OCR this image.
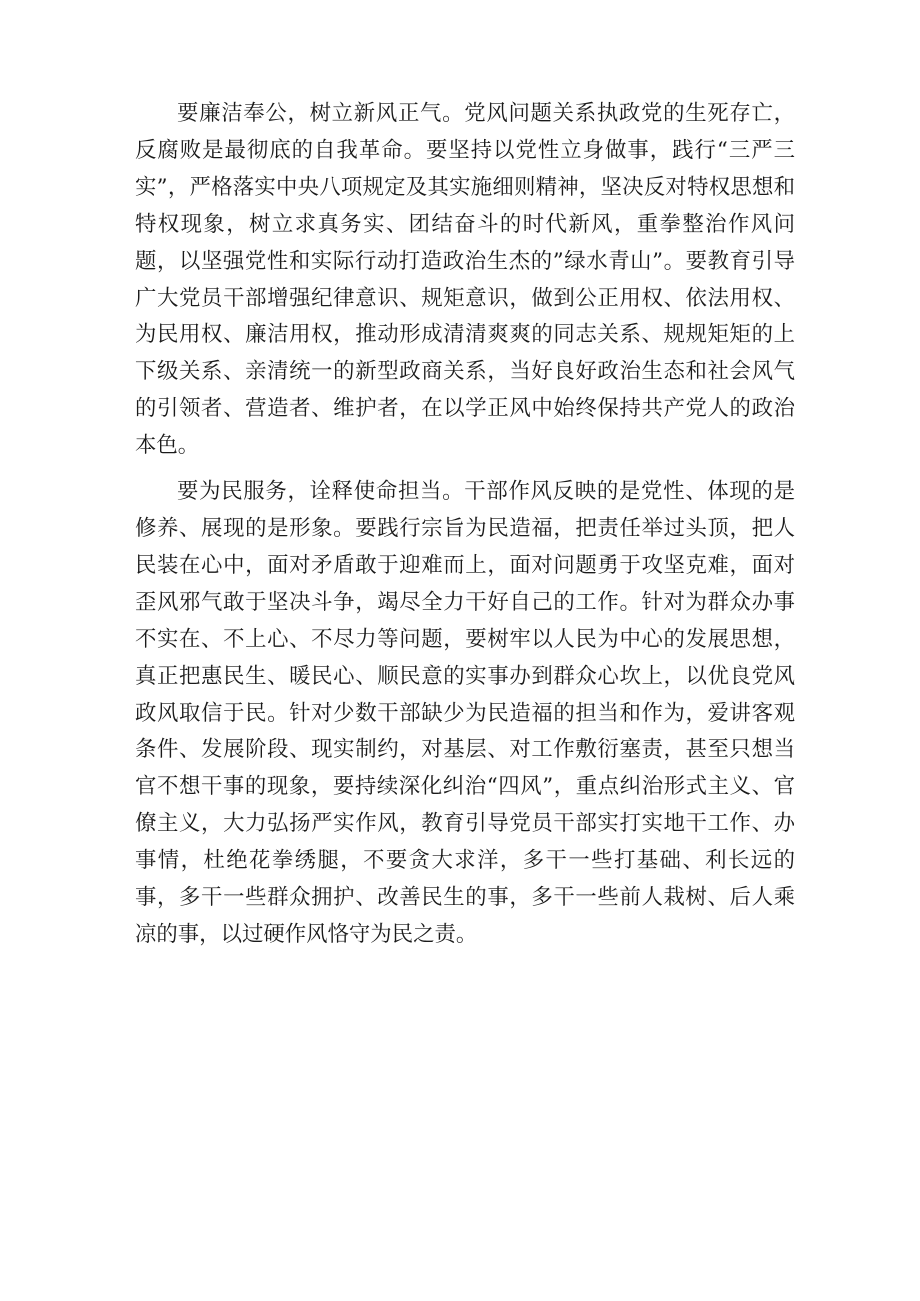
要廉洁奉公，树立新风正气。党风问题关系执政党的生死存亡，反腐败是最彻底的自我革命。要坚持以党性立身做事，践行“三严三实”，严格落实中央八项规定及其实施细则精神，坚决反对特权思想和特权现象，树立求真务实、团结奋斗的时代新风，重拳整治作风问题，以坚强党性和实际行动打造政治生杰的”绿水青山”。要教育引导广大党员干部增强纪律意识、规矩意识，做到公正用权、依法用权、为民用权、廉洁用权，推动形成清清爽爽的同志关系、规规矩矩的上下级关系、亲清统一的新型政商关系，当好良好政治生态和社会风气的引领者、营造者、维护者，在以学正风中始终保持共产党人的政治本色。

要为民服务，诠释使命担当。干部作风反映的是党性、体现的是修养、展现的是形象。要践行宗旨为民造福，把责任举过头顶，把人民装在心中，面对矛盾敢于迎难而上，面对问题勇于攻坚克难，面对歪风邪气敢于坚决斗争，竭尽全力干好自己的工作。针对为群众办事不实在、不上心、不尽力等问题，要树牢以人民为中心的发展思想，真正把惠民生、暖民心、顺民意的实事办到群众心坎上，以优良党风政风取信于民。针对少数干部缺少为民造福的担当和作为，爱讲客观条件、发展阶段、现实制约，对基层、对工作敷衍塞责，甚至只想当官不想干事的现象，要持续深化纠治“四风”，重点纠治形式主义、官僚主义，大力弘扬严实作风，教育引导党员干部实打实地干工作、办事情，杜绝花拳绣腿，不要贪大求洋，多干一些打基础、利长远的事，多干一些群众拥护、改善民生的事，多干一些前人栽树、后人乘凉的事，以过硬作风恪守为民之责。
